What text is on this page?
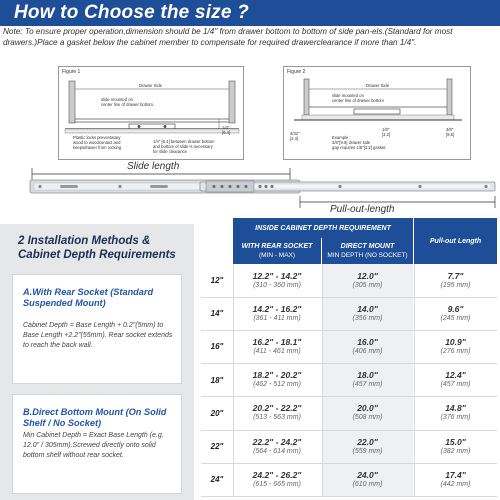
How to Choose the size ?
Note: To ensure proper operation,dimension should be 1/4" from drawer bottom to bottom of side pan-els.(Standard for most drawers.)Place a gasket below the cabinet member to compensate for required drawerclearance if more than 1/4".
Figure 1
Drawer Side
slide mounted on
center line of drawer bottom.
Plastic locks preventatary
wood to woodcontact and
keepsdrawer from rocking
1/4" [6.4] between drawer bottom
and bottom of slide is necessary
for slide clearance
1/4"
[6.4]
Figure 2
Drawer Side
slide mounted on
center line of drawer bottom
3/32"
[2.4]
1/8"
[3.2]
3/8"
[9.5]
Example :
3/8"[9.5] drawer side
gap requires 1/8"[3.2] gasket.
Slide length
Pull-out-length
2 Installation Methods & Cabinet Depth Requirements
A.With Rear Socket (Standard Suspended Mount)
Cabinet Depth = Base Length + 0.2"(5mm) to Base Length +2.2"(55mm). Rear socket extends to reach the back wall.
B.Direct Bottom Mount (On Solid Shelf / No Socket)
Min Cabinet Depth = Exact Base Length (e.g. 12.0" / 305mm).Screwed directly onto solid bottom shelf without rear socket.
INSIDE CABINET DEPTH REQUIREMENT
WITH REAR SOCKET
(MIN - MAX)
DIRECT MOUNT
MIN DEPTH (NO SOCKET)
Pull-out Length
12"	12.2" - 14.2"
(310 - 360 mm)
12.0"
(305 mm)
7.7"
(195 mm)
14"	14.2" - 16.2"
(361 - 411 mm)
14.0"
(356 mm)
9.6"
(245 mm)
16"	16.2" - 18.1"
(411 - 461 mm)
16.0"
(406 mm)
10.9"
(276 mm)
18"	18.2" - 20.2"
(462 - 512 mm)
18.0"
(457 mm)
12.4"
(457 mm)
20"	20.2" - 22.2"
(513 - 563 mm)
20.0"
(508 mm)
14.8"
(376 mm)
22"	22.2" - 24.2"
(564 - 614 mm)
22.0"
(559 mm)
15.0"
(382 mm)
24"	24.2" - 26.2"
(615 - 665 mm)
24.0"
(610 mm)
17.4"
(442 mm)
